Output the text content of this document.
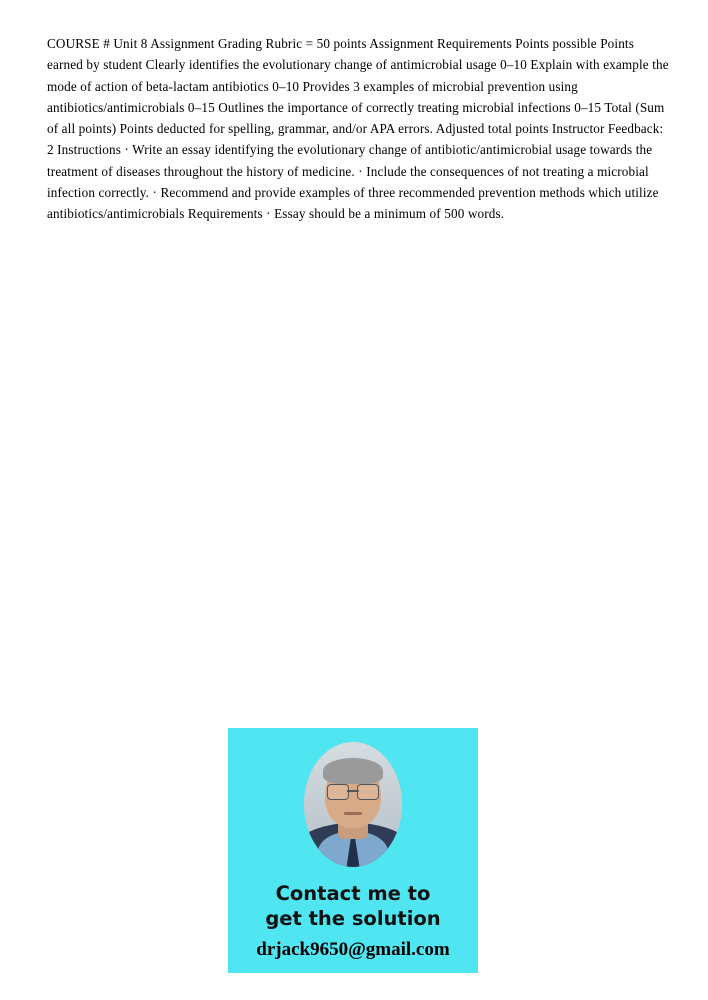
COURSE # Unit 8 Assignment Grading Rubric = 50 points Assignment Requirements Points possible Points earned by student Clearly identifies the evolutionary change of antimicrobial usage 0–10 Explain with example the mode of action of beta-lactam antibiotics 0–10 Provides 3 examples of microbial prevention using antibiotics/antimicrobials 0–15 Outlines the importance of correctly treating microbial infections 0–15 Total (Sum of all points) Points deducted for spelling, grammar, and/or APA errors. Adjusted total points Instructor Feedback: 2 Instructions · Write an essay identifying the evolutionary change of antibiotic/antimicrobial usage towards the treatment of diseases throughout the history of medicine. · Include the consequences of not treating a microbial infection correctly. · Recommend and provide examples of three recommended prevention methods which utilize antibiotics/antimicrobials Requirements · Essay should be a minimum of 500 words.
Contact me to
get the solution
drjack9650@gmail.com
